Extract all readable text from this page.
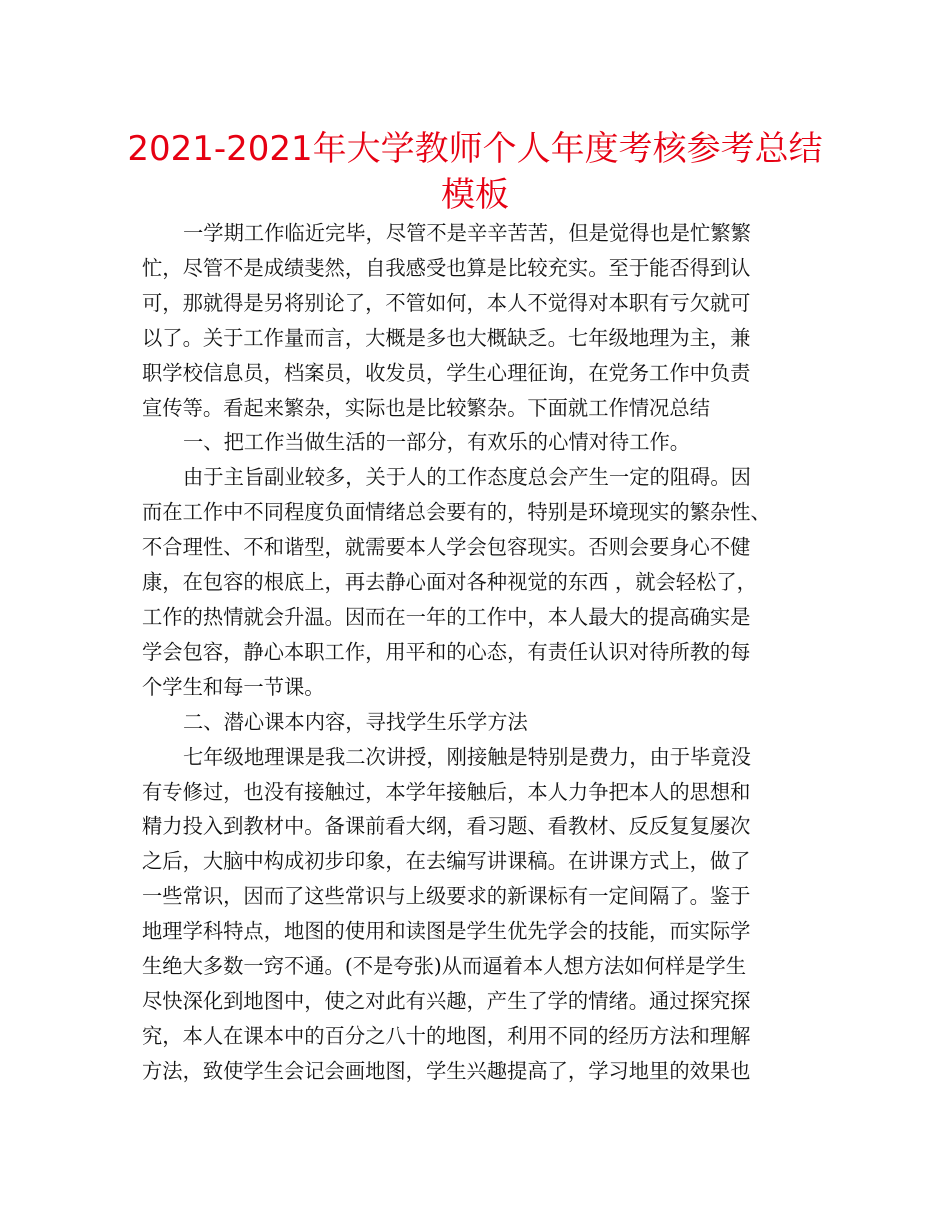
2021-2021年大学教师个人年度考核参考总结
模板
一学期工作临近完毕，尽管不是辛辛苦苦，但是觉得也是忙繁繁
忙，尽管不是成绩斐然，自我感受也算是比较充实。至于能否得到认
可，那就得是另将别论了，不管如何，本人不觉得对本职有亏欠就可
以了。关于工作量而言，大概是多也大概缺乏。七年级地理为主，兼
职学校信息员，档案员，收发员，学生心理征询，在党务工作中负责
宣传等。看起来繁杂，实际也是比较繁杂。下面就工作情况总结
一、把工作当做生活的一部分，有欢乐的心情对待工作。
由于主旨副业较多，关于人的工作态度总会产生一定的阻碍。因
而在工作中不同程度负面情绪总会要有的，特别是环境现实的繁杂性、
不合理性、不和谐型，就需要本人学会包容现实。否则会要身心不健
康，在包容的根底上，再去静心面对各种视觉的东西 ，就会轻松了，
工作的热情就会升温。因而在一年的工作中，本人最大的提高确实是
学会包容，静心本职工作，用平和的心态，有责任认识对待所教的每
个学生和每一节课。
二、潜心课本内容，寻找学生乐学方法
七年级地理课是我二次讲授，刚接触是特别是费力，由于毕竟没
有专修过，也没有接触过，本学年接触后，本人力争把本人的思想和
精力投入到教材中。备课前看大纲，看习题、看教材、反反复复屡次
之后，大脑中构成初步印象，在去编写讲课稿。在讲课方式上，做了
一些常识，因而了这些常识与上级要求的新课标有一定间隔了。鉴于
地理学科特点，地图的使用和读图是学生优先学会的技能，而实际学
生绝大多数一窍不通。(不是夸张)从而逼着本人想方法如何样是学生
尽快深化到地图中，使之对此有兴趣，产生了学的情绪。通过探究探
究，本人在课本中的百分之八十的地图，利用不同的经历方法和理解
方法，致使学生会记会画地图，学生兴趣提高了，学习地里的效果也
